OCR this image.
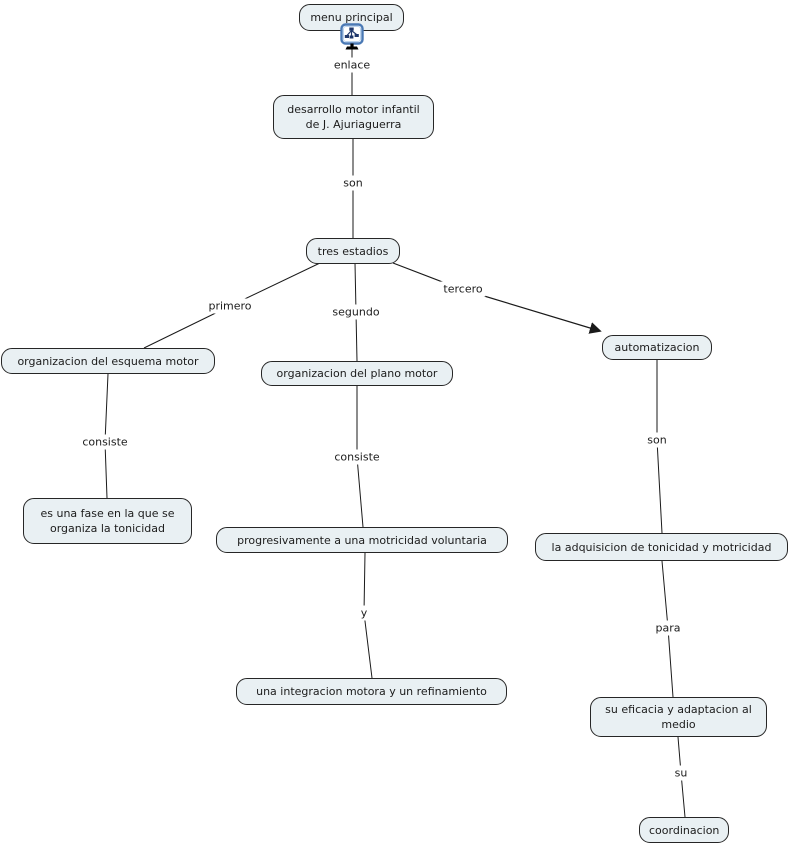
enlace
son
primero	segundo
tercero
consiste
consiste
y
son
para
su
menu principal
desarrollo motor infantil de J. Ajuriaguerra
tres estadios
organizacion del esquema motor
es una fase en la que se organiza la tonicidad
organizacion del plano motor
progresivamente a una motricidad voluntaria
una integracion motora y un refinamiento
automatizacion
la adquisicion de tonicidad y motricidad
su eficacia y adaptacion al medio
coordinacion
